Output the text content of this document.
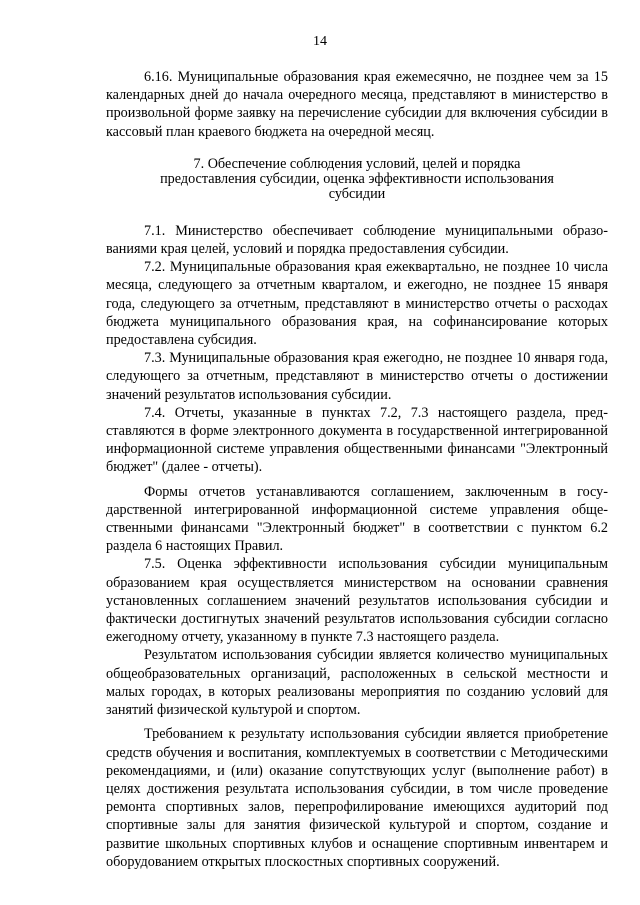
14

6.16. Муниципальные образования края ежемесячно, не позднее чем за 15 календарных дней до начала очередного месяца, представляют в министерство в произвольной форме заявку на перечисление субсидии для включения субсидии в кассовый план краевого бюджета на очередной месяц.

7. Обеспечение соблюдения условий, целей и порядка
предоставления субсидии, оценка эффективности использования
субсидии

7.1. Министерство обеспечивает соблюдение муниципальными образованиями края целей, условий и порядка предоставления субсидии.

7.2. Муниципальные образования края ежеквартально, не позднее 10 числа месяца, следующего за отчетным кварталом, и ежегодно, не позднее 15 января года, следующего за отчетным, представляют в министерство отчеты о расходах бюджета муниципального образования края, на софинансирование которых предоставлена субсидия.

7.3. Муниципальные образования края ежегодно, не позднее 10 января года, следующего за отчетным, представляют в министерство отчеты о достижении значений результатов использования субсидии.

7.4. Отчеты, указанные в пунктах 7.2, 7.3 настоящего раздела, представляются в форме электронного документа в государственной интегрированной информационной системе управления общественными финансами "Электронный бюджет" (далее - отчеты).

Формы отчетов устанавливаются соглашением, заключенным в государственной интегрированной информационной системе управления общественными финансами "Электронный бюджет" в соответствии с пунктом 6.2 раздела 6 настоящих Правил.

7.5. Оценка эффективности использования субсидии муниципальным образованием края осуществляется министерством на основании сравнения установленных соглашением значений результатов использования субсидии и фактически достигнутых значений результатов использования субсидии согласно ежегодному отчету, указанному в пункте 7.3 настоящего раздела.

Результатом использования субсидии является количество муниципальных общеобразовательных организаций, расположенных в сельской местности и малых городах, в которых реализованы мероприятия по созданию условий для занятий физической культурой и спортом.

Требованием к результату использования субсидии является приобретение средств обучения и воспитания, комплектуемых в соответствии с Методическими рекомендациями, и (или) оказание сопутствующих услуг (выполнение работ) в целях достижения результата использования субсидии, в том числе проведение ремонта спортивных залов, перепрофилирование имеющихся аудиторий под спортивные залы для занятия физической культурой и спортом, создание и развитие школьных спортивных клубов и оснащение спортивным инвентарем и оборудованием открытых плоскостных спортивных сооружений.
